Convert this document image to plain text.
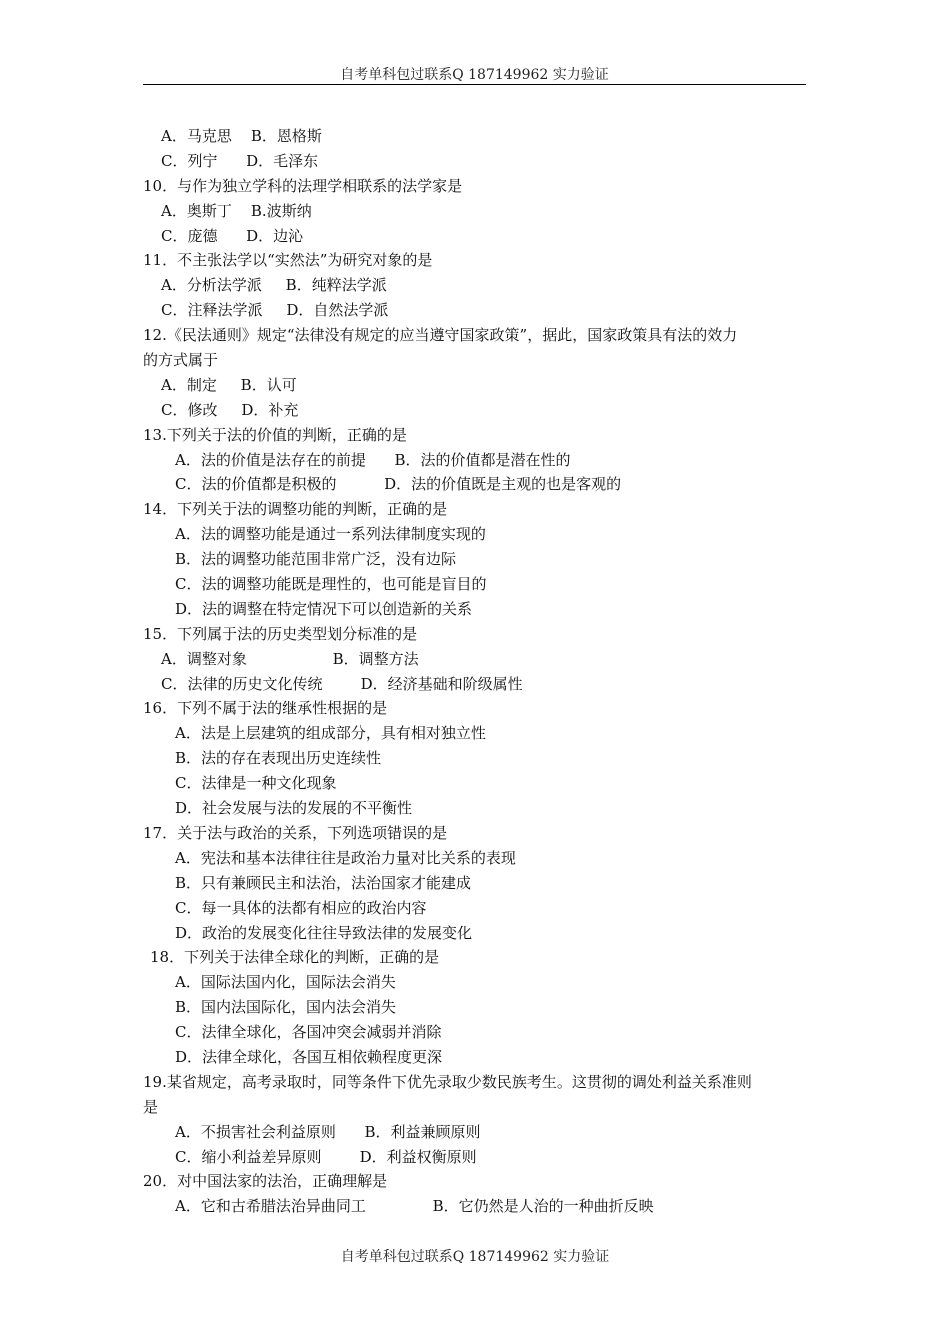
自考单科包过联系Q 187149962 实力验证

A．马克思    B．恩格斯

C．列宁      D．毛泽东

10．与作为独立学科的法理学相联系的法学家是

A．奥斯丁    B.波斯纳

C．庞德      D．边沁

11．不主张法学以“实然法”为研究对象的是

A．分析法学派     B．纯粹法学派

C．注释法学派     D．自然法学派

12.《民法通则》规定“法律没有规定的应当遵守国家政策”，据此，国家政策具有法的效力

的方式属于

A．制定     B．认可

C．修改     D．补充

13.下列关于法的价值的判断，正确的是

A．法的价值是法存在的前提      B．法的价值都是潜在性的

C．法的价值都是积极的          D．法的价值既是主观的也是客观的

14．下列关于法的调整功能的判断，正确的是

A．法的调整功能是通过一系列法律制度实现的

B．法的调整功能范围非常广泛，没有边际

C．法的调整功能既是理性的，也可能是盲目的

D．法的调整在特定情况下可以创造新的关系

15．下列属于法的历史类型划分标准的是

A．调整对象                  B．调整方法

C．法律的历史文化传统        D．经济基础和阶级属性

16．下列不属于法的继承性根据的是

A．法是上层建筑的组成部分，具有相对独立性

B．法的存在表现出历史连续性

C．法律是一种文化现象

D．社会发展与法的发展的不平衡性

17．关于法与政治的关系，下列选项错误的是

A．宪法和基本法律往往是政治力量对比关系的表现

B．只有兼顾民主和法治，法治国家才能建成

C．每一具体的法都有相应的政治内容

D．政治的发展变化往往导致法律的发展变化

18．下列关于法律全球化的判断，正确的是

A．国际法国内化，国际法会消失

B．国内法国际化，国内法会消失

C．法律全球化，各国冲突会减弱并消除

D．法律全球化，各国互相依赖程度更深

19.某省规定，高考录取时，同等条件下优先录取少数民族考生。这贯彻的调处利益关系准则

是

A．不损害社会利益原则      B．利益兼顾原则

C．缩小利益差异原则        D．利益权衡原则

20．对中国法家的法治，正确理解是

A．它和古希腊法治异曲同工              B．它仍然是人治的一种曲折反映

自考单科包过联系Q 187149962 实力验证
